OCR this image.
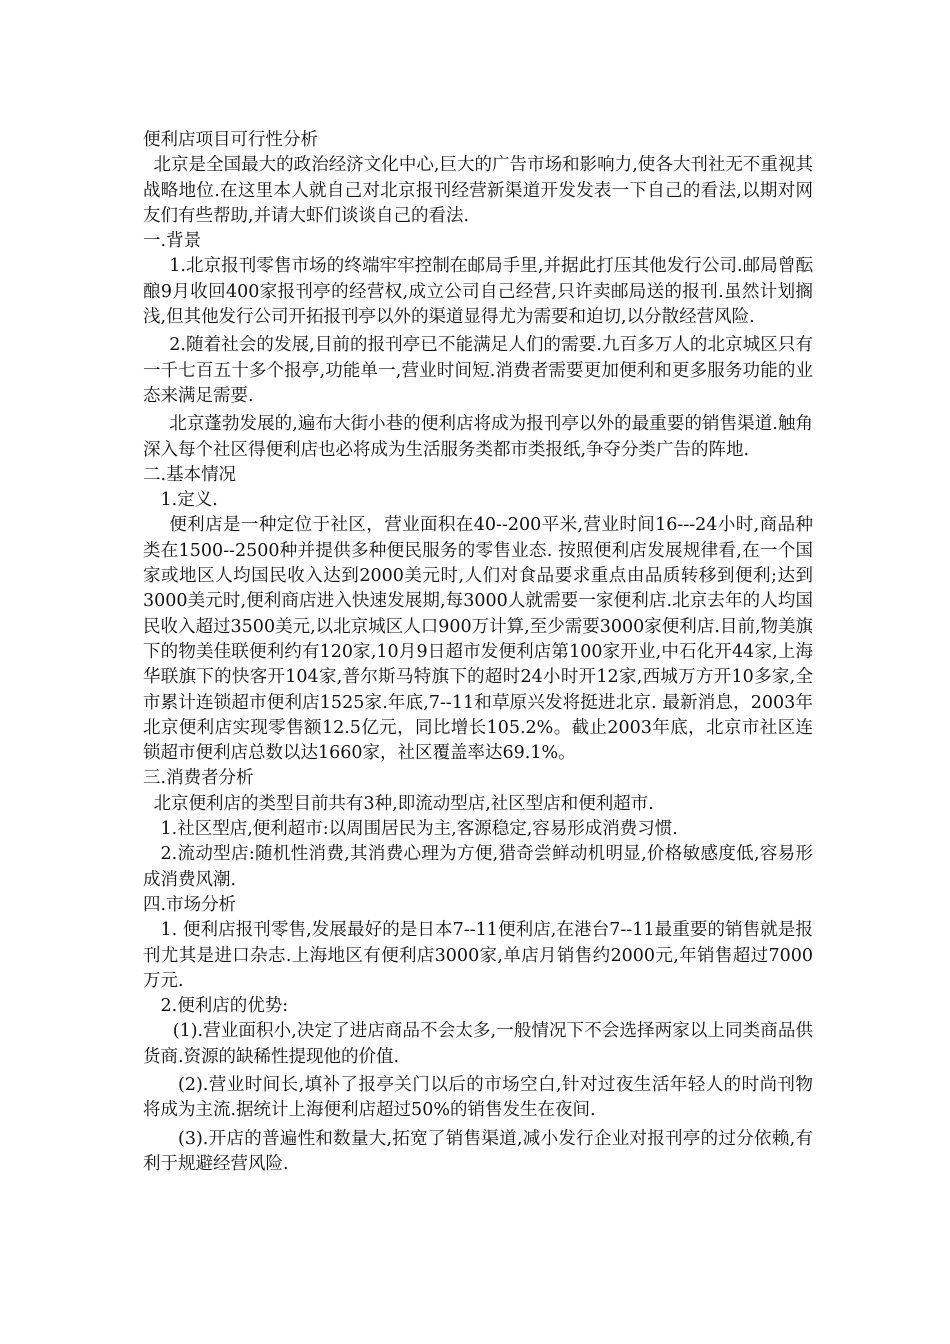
便利店项目可行性分析
北京是全国最大的政治经济文化中心,巨大的广告市场和影响力,使各大刊社无不重视其战略地位.在这里本人就自己对北京报刊经营新渠道开发发表一下自己的看法,以期对网友们有些帮助,并请大虾们谈谈自己的看法.
一.背景
1.北京报刊零售市场的终端牢牢控制在邮局手里,并据此打压其他发行公司.邮局曾酝酿9月收回400家报刊亭的经营权,成立公司自己经营,只许卖邮局送的报刊.虽然计划搁浅,但其他发行公司开拓报刊亭以外的渠道显得尤为需要和迫切,以分散经营风险.
2.随着社会的发展,目前的报刊亭已不能满足人们的需要.九百多万人的北京城区只有一千七百五十多个报亭,功能单一,营业时间短.消费者需要更加便利和更多服务功能的业态来满足需要.
北京蓬勃发展的,遍布大街小巷的便利店将成为报刊亭以外的最重要的销售渠道.触角深入每个社区得便利店也必将成为生活服务类都市类报纸,争夺分类广告的阵地.
二.基本情况
1.定义.
便利店是一种定位于社区，营业面积在40--200平米,营业时间16---24小时,商品种类在1500--2500种并提供多种便民服务的零售业态. 按照便利店发展规律看,在一个国家或地区人均国民收入达到2000美元时,人们对食品要求重点由品质转移到便利;达到3000美元时,便利商店进入快速发展期,每3000人就需要一家便利店.北京去年的人均国民收入超过3500美元,以北京城区人口900万计算,至少需要3000家便利店.目前,物美旗下的物美佳联便利约有120家,10月9日超市发便利店第100家开业,中石化开44家,上海华联旗下的快客开104家,普尔斯马特旗下的超时24小时开12家,西城万方开10多家,全市累计连锁超市便利店1525家.年底,7--11和草原兴发将挺进北京. 最新消息，2003年北京便利店实现零售额12.5亿元，同比增长105.2%。截止2003年底，北京市社区连锁超市便利店总数以达1660家，社区覆盖率达69.1%。
三.消费者分析
北京便利店的类型目前共有3种,即流动型店,社区型店和便利超市.
1.社区型店,便利超市:以周围居民为主,客源稳定,容易形成消费习惯.
2.流动型店:随机性消费,其消费心理为方便,猎奇尝鲜动机明显,价格敏感度低,容易形成消费风潮.
四.市场分析
1. 便利店报刊零售,发展最好的是日本7--11便利店,在港台7--11最重要的销售就是报刊尤其是进口杂志.上海地区有便利店3000家,单店月销售约2000元,年销售超过7000万元.
2.便利店的优势:
(1).营业面积小,决定了进店商品不会太多,一般情况下不会选择两家以上同类商品供货商.资源的缺稀性提现他的价值.
(2).营业时间长,填补了报亭关门以后的市场空白,针对过夜生活年轻人的时尚刊物将成为主流.据统计上海便利店超过50%的销售发生在夜间.
(3).开店的普遍性和数量大,拓宽了销售渠道,减小发行企业对报刊亭的过分依赖,有利于规避经营风险.
